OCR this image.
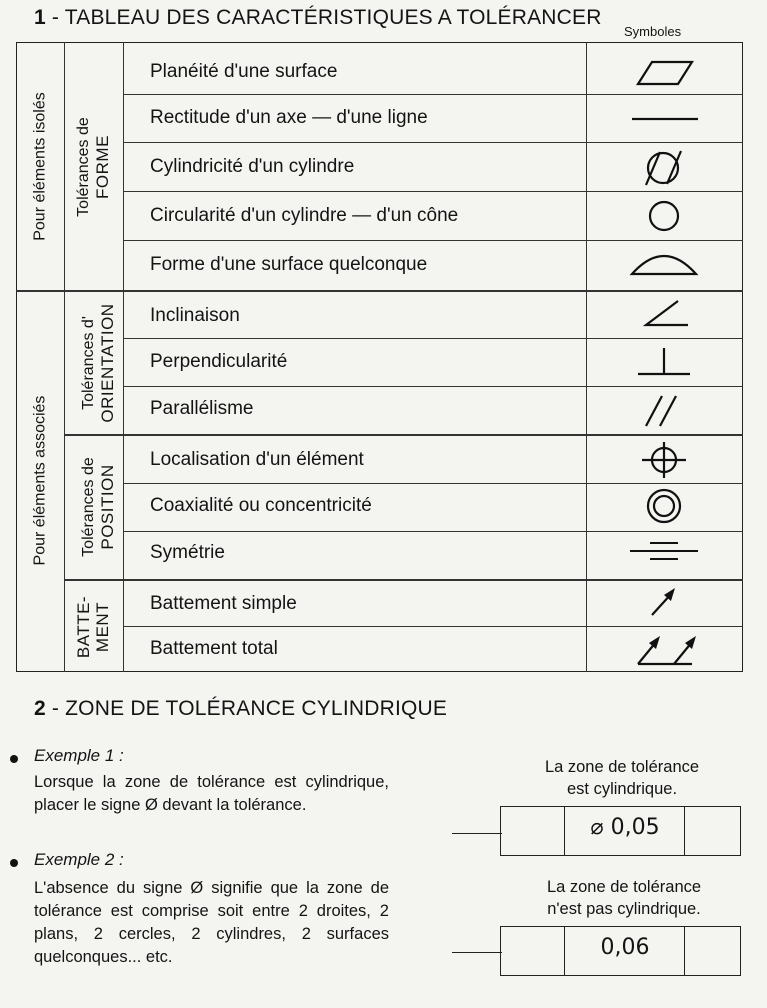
1 - TABLEAU DES CARACTÉRISTIQUES A TOLÉRANCER
Symboles
Pour éléments isolés
Pour éléments associés
Tolérances de FORME
Tolérances d' ORIENTATION
Tolérances de POSITION
BATTE- MENT
Planéité d'une surface
Rectitude d'un axe — d'une ligne
Cylindricité d'un cylindre
Circularité d'un cylindre — d'un cône
Forme d'une surface quelconque
Inclinaison
Perpendicularité
Parallélisme
Localisation d'un élément
Coaxialité ou concentricité
Symétrie
Battement simple
Battement total
2 - ZONE DE TOLÉRANCE CYLINDRIQUE
Exemple 1 :
Lorsque la zone de tolérance est cylindrique, placer le signe Ø devant la tolérance.
La zone de tolérance
est cylindrique.
⌀ 0,05
Exemple 2 :
L'absence du signe Ø signifie que la zone de tolérance est comprise soit entre 2 droites, 2 plans, 2 cercles, 2 cylindres, 2 surfaces quelconques... etc.
La zone de tolérance
n'est pas cylindrique.
0,06
